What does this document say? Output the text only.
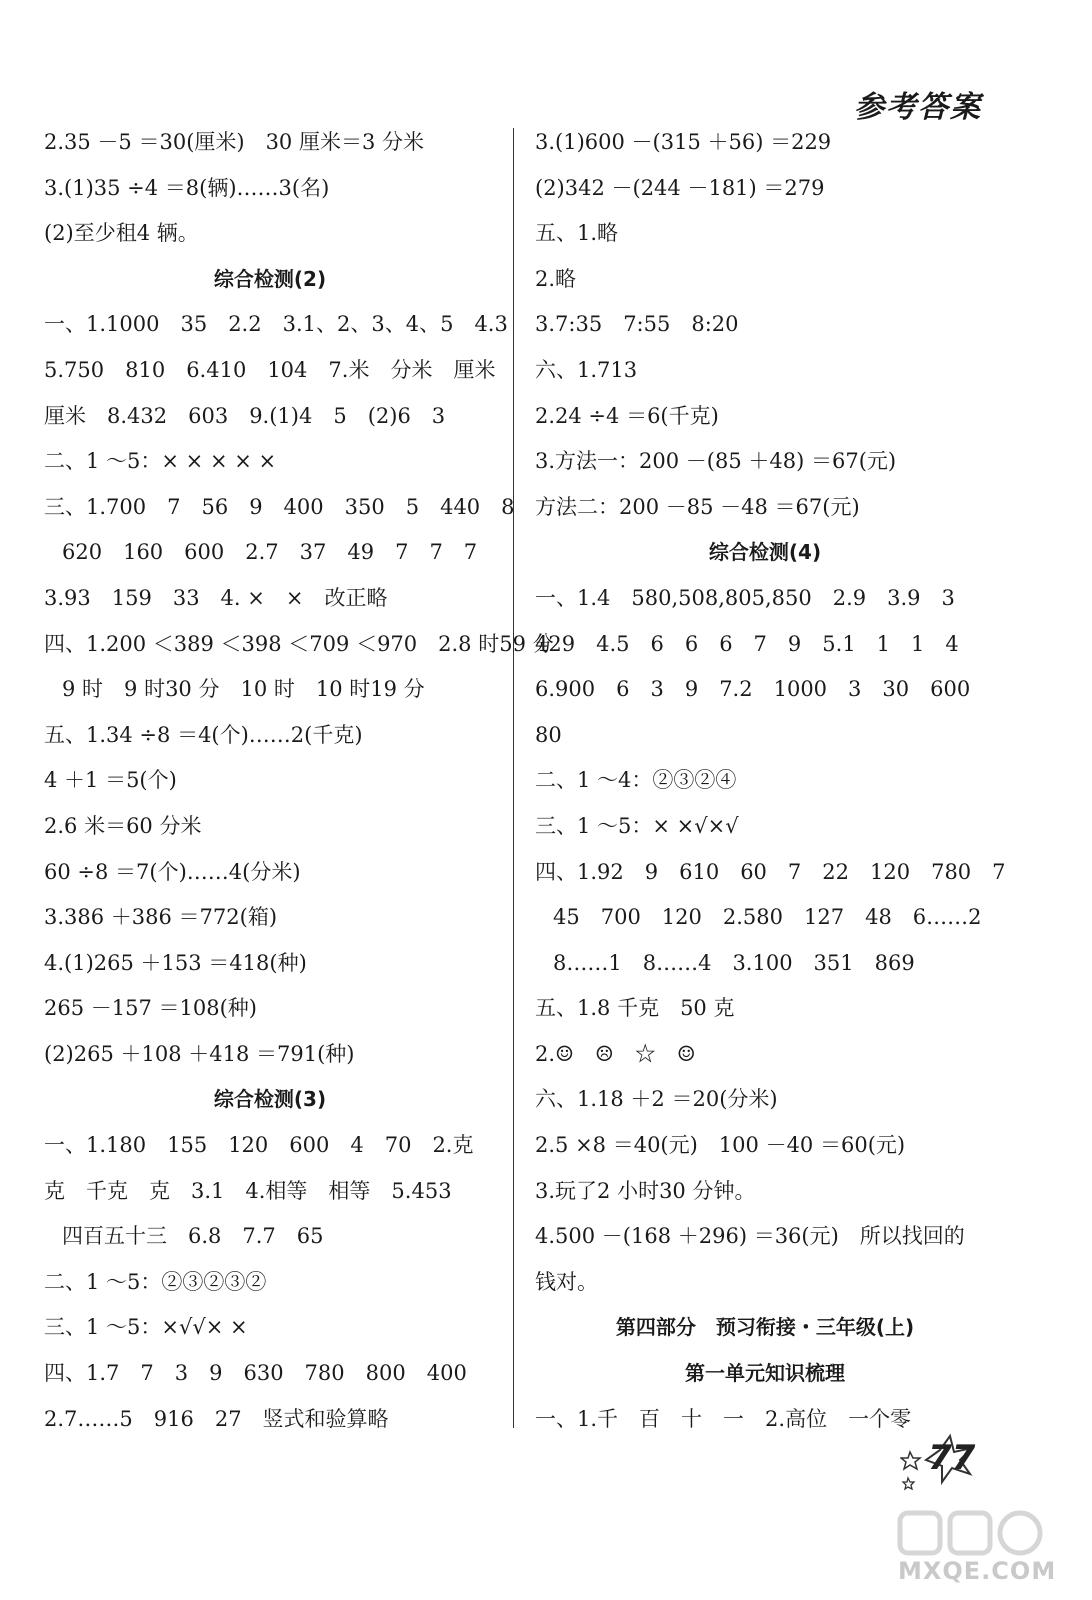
参考答案
2.35 －5 ＝30(厘米)　30 厘米＝3 分米
3.(1)35 ÷4 ＝8(辆)……3(名)
(2)至少租4 辆。
综合检测(2)
一、1.1000　35　2.2　3.1、2、3、4、5　4.3
5.750　810　6.410　104　7.米　分米　厘米
厘米　8.432　603　9.(1)4　5　(2)6　3
二、1 ～5：× × × × ×
三、1.700　7　56　9　400　350　5　440　8
620　160　600　2.7　37　49　7　7　7
3.93　159　33　4. ×　×　改正略
四、1.200 ＜389 ＜398 ＜709 ＜970　2.8 时59 分
9 时　9 时30 分　10 时　10 时19 分
五、1.34 ÷8 ＝4(个)……2(千克)
4 ＋1 ＝5(个)
2.6 米＝60 分米
60 ÷8 ＝7(个)……4(分米)
3.386 ＋386 ＝772(箱)
4.(1)265 ＋153 ＝418(种)
265 －157 ＝108(种)
(2)265 ＋108 ＋418 ＝791(种)
综合检测(3)
一、1.180　155　120　600　4　70　2.克
克　千克　克　3.1　4.相等　相等　5.453
四百五十三　6.8　7.7　65
二、1 ～5：②③②③②
三、1 ～5：×√√× ×
四、1.7　7　3　9　630　780　800　400
2.7……5　916　27　竖式和验算略
3.(1)600 －(315 ＋56) ＝229
(2)342 －(244 －181) ＝279
五、1.略
2.略
3.7:35　7:55　8:20
六、1.713
2.24 ÷4 ＝6(千克)
3.方法一：200 －(85 ＋48) ＝67(元)
方法二：200 －85 －48 ＝67(元)
综合检测(4)
一、1.4　580,508,805,850　2.9　3.9　3
429　4.5　6　6　6　7　9　5.1　1　1　4
6.900　6　3　9　7.2　1000　3　30　600
80
二、1 ～4：②③②④
三、1 ～5：× ×√×√
四、1.92　9　610　60　7　22　120　780　7
45　700　120　2.580　127　48　6……2
8……1　8……4　3.100　351　869
五、1.8 千克　50 克
2.☺　☹　☆　☺
六、1.18 ＋2 ＝20(分米)
2.5 ×8 ＝40(元)　100 －40 ＝60(元)
3.玩了2 小时30 分钟。
4.500 －(168 ＋296) ＝36(元)　所以找回的
钱对。
第四部分　预习衔接・三年级(上)
第一单元知识梳理
一、1.千　百　十　一　2.高位　一个零
77
MXQE.COM
